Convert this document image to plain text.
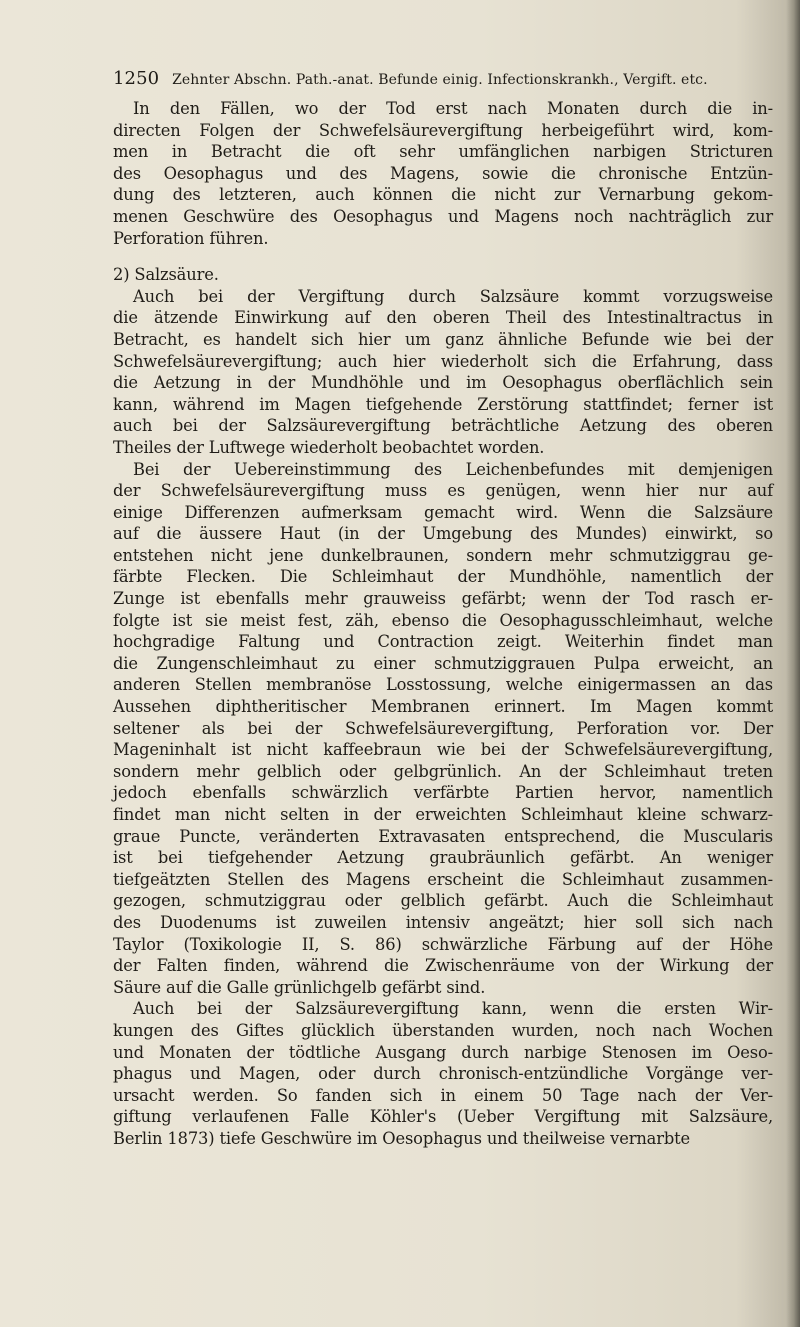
1250 Zehnter Abschn. Path.-anat. Befunde einig. Infectionskrankh., Vergift. etc.
In den Fällen, wo der Tod erst nach Monaten durch die in-
directen Folgen der Schwefelsäurevergiftung herbeigeführt wird, kom-
men in Betracht die oft sehr umfänglichen narbigen Stricturen
des Oesophagus und des Magens, sowie die chronische Entzün-
dung des letzteren, auch können die nicht zur Vernarbung gekom-
menen Geschwüre des Oesophagus und Magens noch nachträglich zur
Perforation führen.
2) Salzsäure.
Auch bei der Vergiftung durch Salzsäure kommt vorzugsweise
die ätzende Einwirkung auf den oberen Theil des Intestinaltractus in
Betracht, es handelt sich hier um ganz ähnliche Befunde wie bei der
Schwefelsäurevergiftung; auch hier wiederholt sich die Erfahrung, dass
die Aetzung in der Mundhöhle und im Oesophagus oberflächlich sein
kann, während im Magen tiefgehende Zerstörung stattfindet; ferner ist
auch bei der Salzsäurevergiftung beträchtliche Aetzung des oberen
Theiles der Luftwege wiederholt beobachtet worden.
Bei der Uebereinstimmung des Leichenbefundes mit demjenigen
der Schwefelsäurevergiftung muss es genügen, wenn hier nur auf
einige Differenzen aufmerksam gemacht wird. Wenn die Salzsäure
auf die äussere Haut (in der Umgebung des Mundes) einwirkt, so
entstehen nicht jene dunkelbraunen, sondern mehr schmutziggrau ge-
färbte Flecken. Die Schleimhaut der Mundhöhle, namentlich der
Zunge ist ebenfalls mehr grauweiss gefärbt; wenn der Tod rasch er-
folgte ist sie meist fest, zäh, ebenso die Oesophagusschleimhaut, welche
hochgradige Faltung und Contraction zeigt. Weiterhin findet man
die Zungenschleimhaut zu einer schmutziggrauen Pulpa erweicht, an
anderen Stellen membranöse Losstossung, welche einigermassen an das
Aussehen diphtheritischer Membranen erinnert. Im Magen kommt
seltener als bei der Schwefelsäurevergiftung, Perforation vor. Der
Mageninhalt ist nicht kaffeebraun wie bei der Schwefelsäurevergiftung,
sondern mehr gelblich oder gelbgrünlich. An der Schleimhaut treten
jedoch ebenfalls schwärzlich verfärbte Partien hervor, namentlich
findet man nicht selten in der erweichten Schleimhaut kleine schwarz-
graue Puncte, veränderten Extravasaten entsprechend, die Muscularis
ist bei tiefgehender Aetzung graubräunlich gefärbt. An weniger
tiefgeätzten Stellen des Magens erscheint die Schleimhaut zusammen-
gezogen, schmutziggrau oder gelblich gefärbt. Auch die Schleimhaut
des Duodenums ist zuweilen intensiv angeätzt; hier soll sich nach
Taylor (Toxikologie II, S. 86) schwärzliche Färbung auf der Höhe
der Falten finden, während die Zwischenräume von der Wirkung der
Säure auf die Galle grünlichgelb gefärbt sind.
Auch bei der Salzsäurevergiftung kann, wenn die ersten Wir-
kungen des Giftes glücklich überstanden wurden, noch nach Wochen
und Monaten der tödtliche Ausgang durch narbige Stenosen im Oeso-
phagus und Magen, oder durch chronisch-entzündliche Vorgänge ver-
ursacht werden. So fanden sich in einem 50 Tage nach der Ver-
giftung verlaufenen Falle Köhler's (Ueber Vergiftung mit Salzsäure,
Berlin 1873) tiefe Geschwüre im Oesophagus und theilweise vernarbte
